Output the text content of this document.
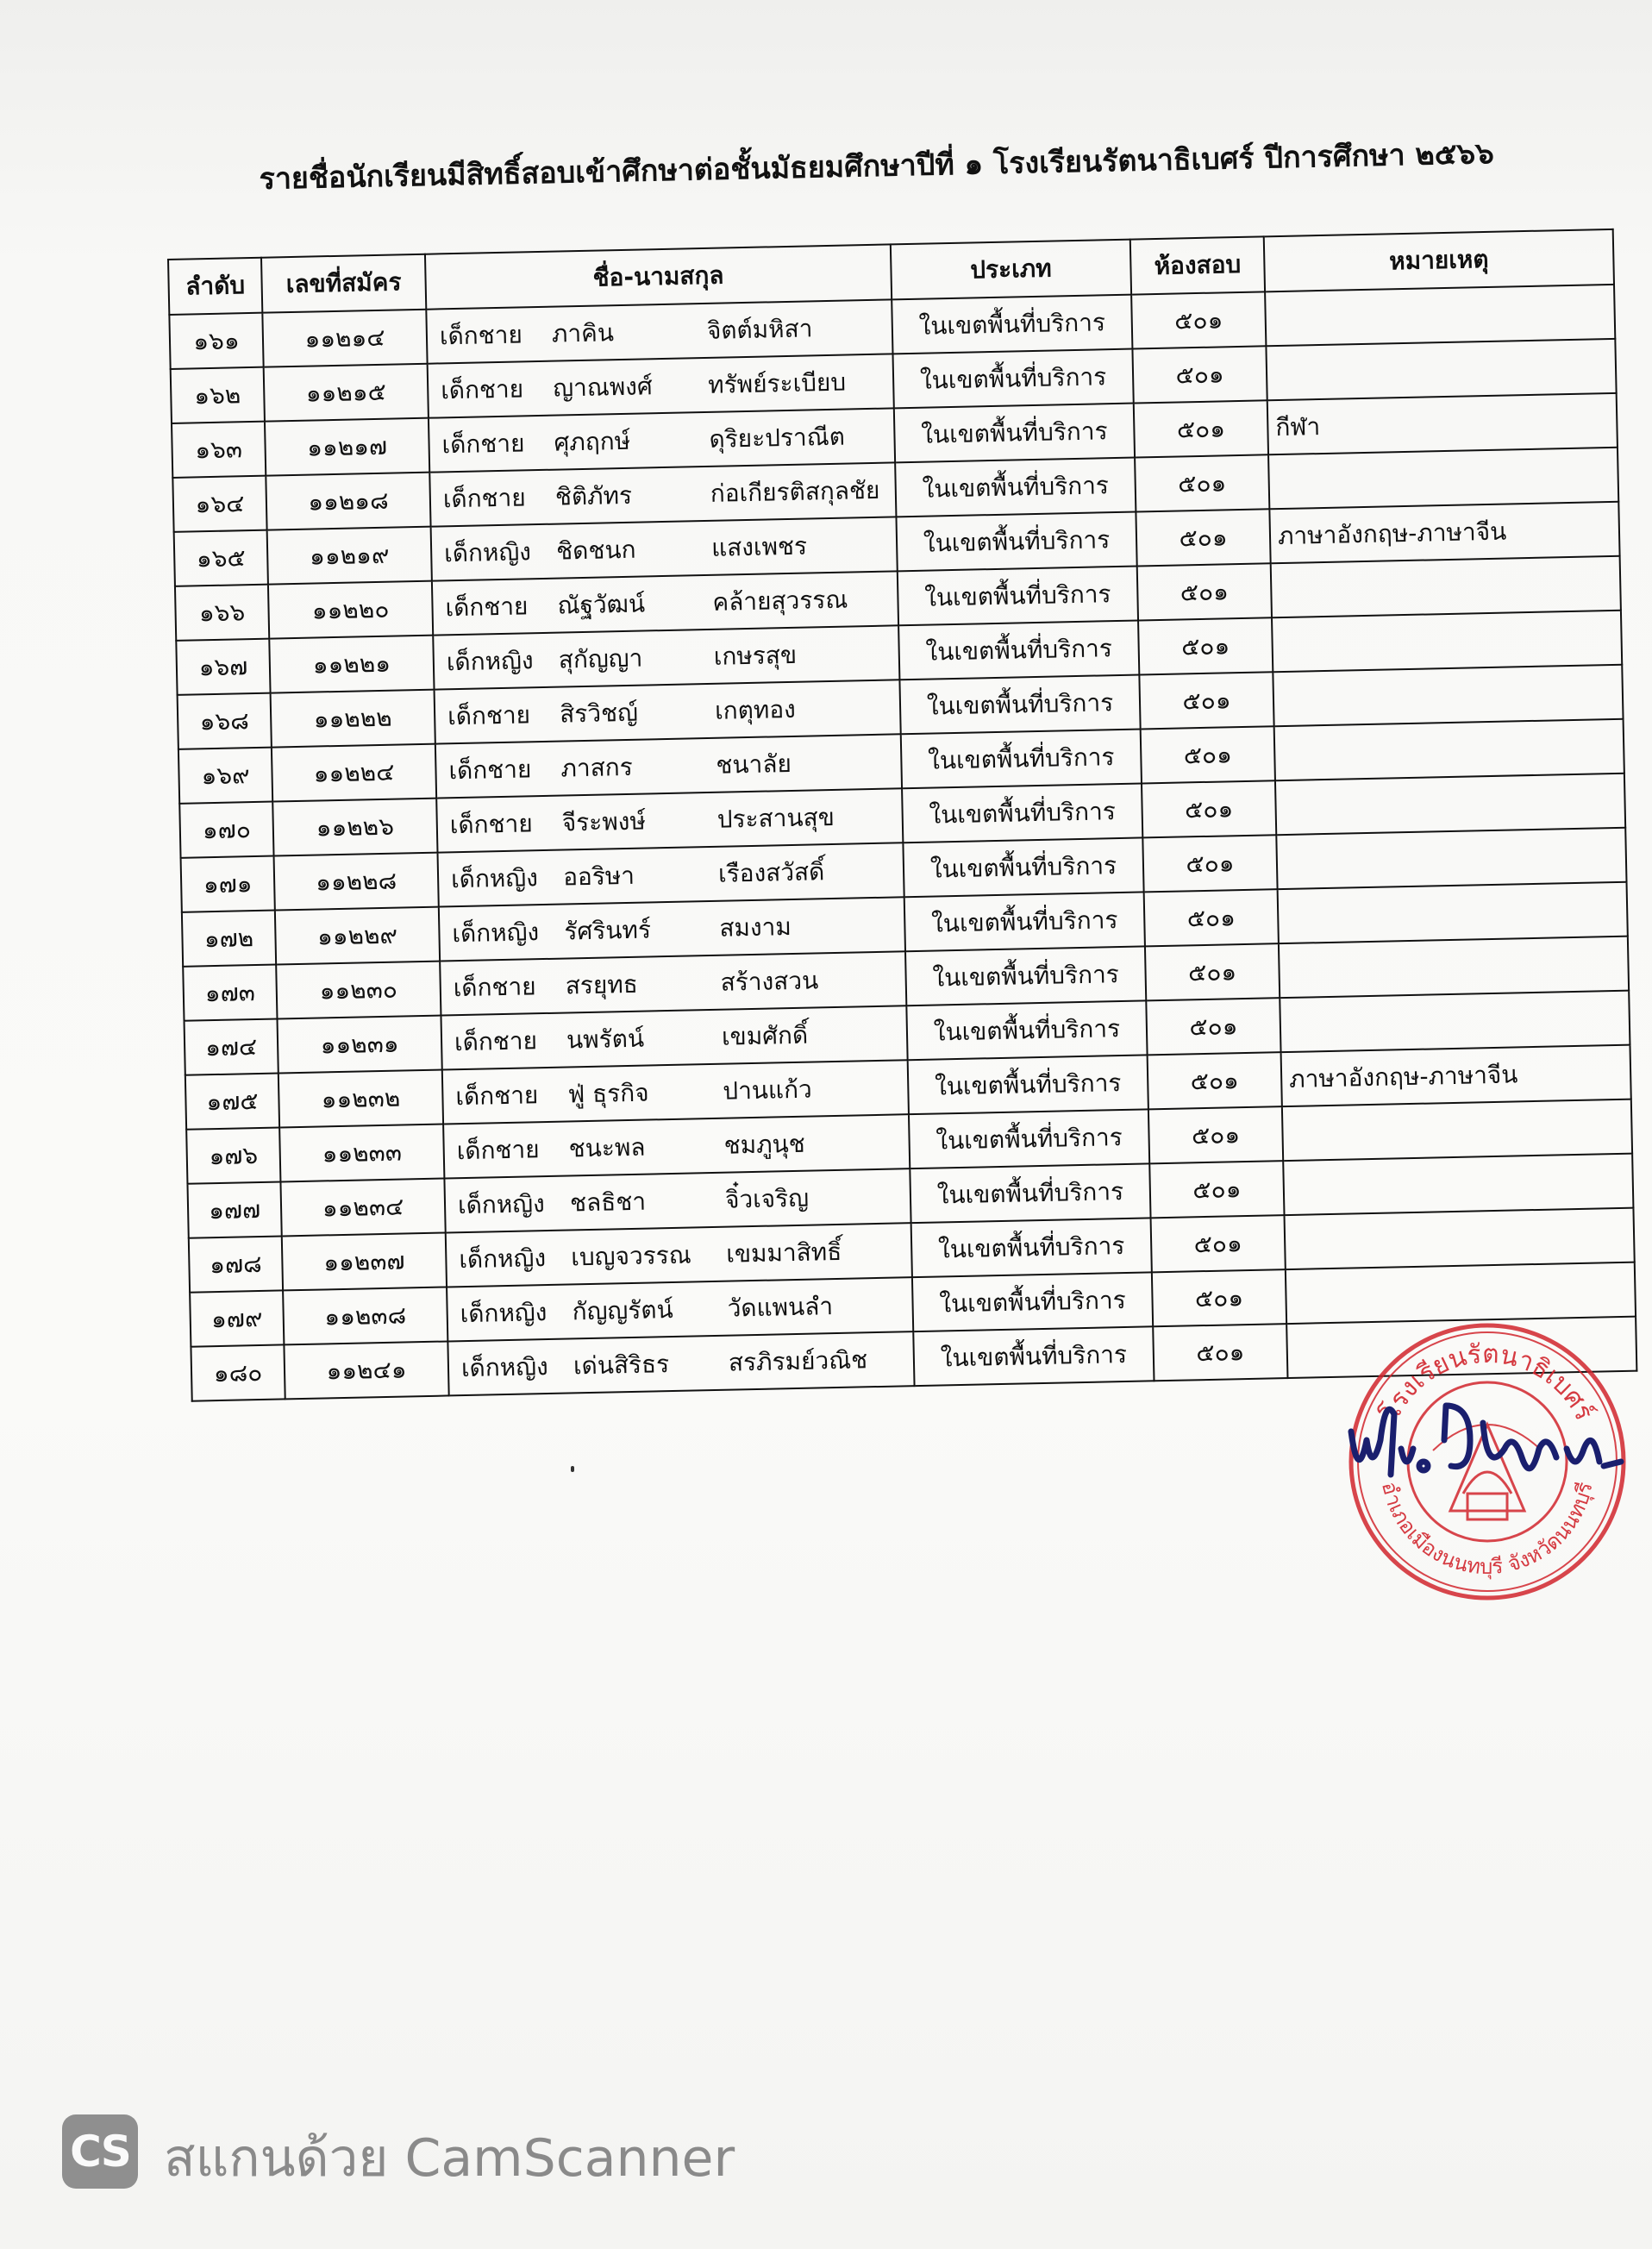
รายชื่อนักเรียนมีสิทธิ์สอบเข้าศึกษาต่อชั้นมัธยมศึกษาปีที่ ๑ โรงเรียนรัตนาธิเบศร์ ปีการศึกษา ๒๕๖๖
ลำดับ	เลขที่สมัคร	ชื่อ-นามสกุล	ประเภท	ห้องสอบ	หมายเหตุ
๑๖๑	๑๑๒๑๔	เด็กชาย ภาคิน จิตต์มหิสา	ในเขตพื้นที่บริการ	๕๐๑	
๑๖๒	๑๑๒๑๕	เด็กชาย ญาณพงศ์ ทรัพย์ระเบียบ	ในเขตพื้นที่บริการ	๕๐๑	
๑๖๓	๑๑๒๑๗	เด็กชาย ศุภฤกษ์ ดุริยะปราณีต	ในเขตพื้นที่บริการ	๕๐๑	กีฬา
๑๖๔	๑๑๒๑๘	เด็กชาย ชิติภัทร ก่อเกียรติสกุลชัย	ในเขตพื้นที่บริการ	๕๐๑	
๑๖๕	๑๑๒๑๙	เด็กหญิง ชิดชนก แสงเพชร	ในเขตพื้นที่บริการ	๕๐๑	ภาษาอังกฤษ-ภาษาจีน
๑๖๖	๑๑๒๒๐	เด็กชาย ณัฐวัฒน์ คล้ายสุวรรณ	ในเขตพื้นที่บริการ	๕๐๑	
๑๖๗	๑๑๒๒๑	เด็กหญิง สุกัญญา เกษรสุข	ในเขตพื้นที่บริการ	๕๐๑	
๑๖๘	๑๑๒๒๒	เด็กชาย สิรวิชญ์ เกตุทอง	ในเขตพื้นที่บริการ	๕๐๑	
๑๖๙	๑๑๒๒๔	เด็กชาย ภาสกร ชนาลัย	ในเขตพื้นที่บริการ	๕๐๑	
๑๗๐	๑๑๒๒๖	เด็กชาย จีระพงษ์ ประสานสุข	ในเขตพื้นที่บริการ	๕๐๑	
๑๗๑	๑๑๒๒๘	เด็กหญิง ออริษา เรืองสวัสดิ์	ในเขตพื้นที่บริการ	๕๐๑	
๑๗๒	๑๑๒๒๙	เด็กหญิง รัศรินทร์ สมงาม	ในเขตพื้นที่บริการ	๕๐๑	
๑๗๓	๑๑๒๓๐	เด็กชาย สรยุทธ สร้างสวน	ในเขตพื้นที่บริการ	๕๐๑	
๑๗๔	๑๑๒๓๑	เด็กชาย นพรัตน์ เขมศักดิ์	ในเขตพื้นที่บริการ	๕๐๑	
๑๗๕	๑๑๒๓๒	เด็กชาย ฟู่ ธุรกิจ ปานแก้ว	ในเขตพื้นที่บริการ	๕๐๑	ภาษาอังกฤษ-ภาษาจีน
๑๗๖	๑๑๒๓๓	เด็กชาย ชนะพล ชมภูนุช	ในเขตพื้นที่บริการ	๕๐๑	
๑๗๗	๑๑๒๓๔	เด็กหญิง ชลธิชา จิ๋วเจริญ	ในเขตพื้นที่บริการ	๕๐๑	
๑๗๘	๑๑๒๓๗	เด็กหญิง เบญจวรรณ เขมมาสิทธิ์	ในเขตพื้นที่บริการ	๕๐๑	
๑๗๙	๑๑๒๓๘	เด็กหญิง กัญญรัตน์ วัดแพนลำ	ในเขตพื้นที่บริการ	๕๐๑	
๑๘๐	๑๑๒๔๑	เด็กหญิง เด่นสิริธร สรภิรมย์วณิช	ในเขตพื้นที่บริการ	๕๐๑	
โรงเรียนรัตนาธิเบศร์
อำเภอเมืองนนทบุรี จังหวัดนนทบุรี
CS สแกนด้วย CamScanner
